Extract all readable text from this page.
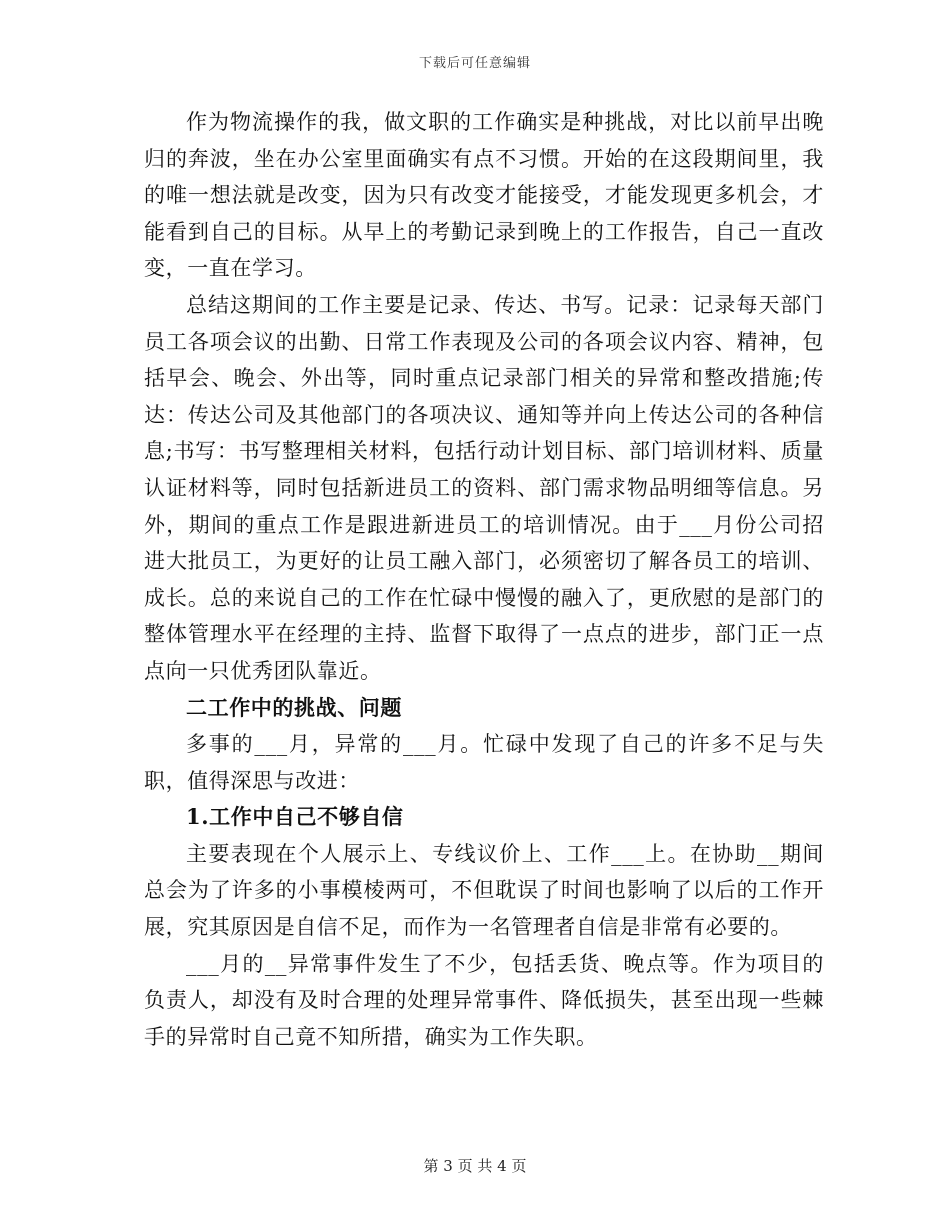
下载后可任意编辑

作为物流操作的我，做文职的工作确实是种挑战，对比以前早出晚归的奔波，坐在办公室里面确实有点不习惯。开始的在这段期间里，我的唯一想法就是改变，因为只有改变才能接受，才能发现更多机会，才能看到自己的目标。从早上的考勤记录到晚上的工作报告，自己一直改变，一直在学习。

总结这期间的工作主要是记录、传达、书写。记录：记录每天部门员工各项会议的出勤、日常工作表现及公司的各项会议内容、精神，包括早会、晚会、外出等，同时重点记录部门相关的异常和整改措施;传达：传达公司及其他部门的各项决议、通知等并向上传达公司的各种信息;书写：书写整理相关材料，包括行动计划目标、部门培训材料、质量认证材料等，同时包括新进员工的资料、部门需求物品明细等信息。另外，期间的重点工作是跟进新进员工的培训情况。由于___月份公司招进大批员工，为更好的让员工融入部门，必须密切了解各员工的培训、成长。总的来说自己的工作在忙碌中慢慢的融入了，更欣慰的是部门的整体管理水平在经理的主持、监督下取得了一点点的进步，部门正一点点向一只优秀团队靠近。

二工作中的挑战、问题

多事的___月，异常的___月。忙碌中发现了自己的许多不足与失职，值得深思与改进：

1.工作中自己不够自信

主要表现在个人展示上、专线议价上、工作___上。在协助__期间总会为了许多的小事模棱两可，不但耽误了时间也影响了以后的工作开展，究其原因是自信不足，而作为一名管理者自信是非常有必要的。

___月的__异常事件发生了不少，包括丢货、晚点等。作为项目的负责人，却没有及时合理的处理异常事件、降低损失，甚至出现一些棘手的异常时自己竟不知所措，确实为工作失职。

第 3 页 共 4 页
